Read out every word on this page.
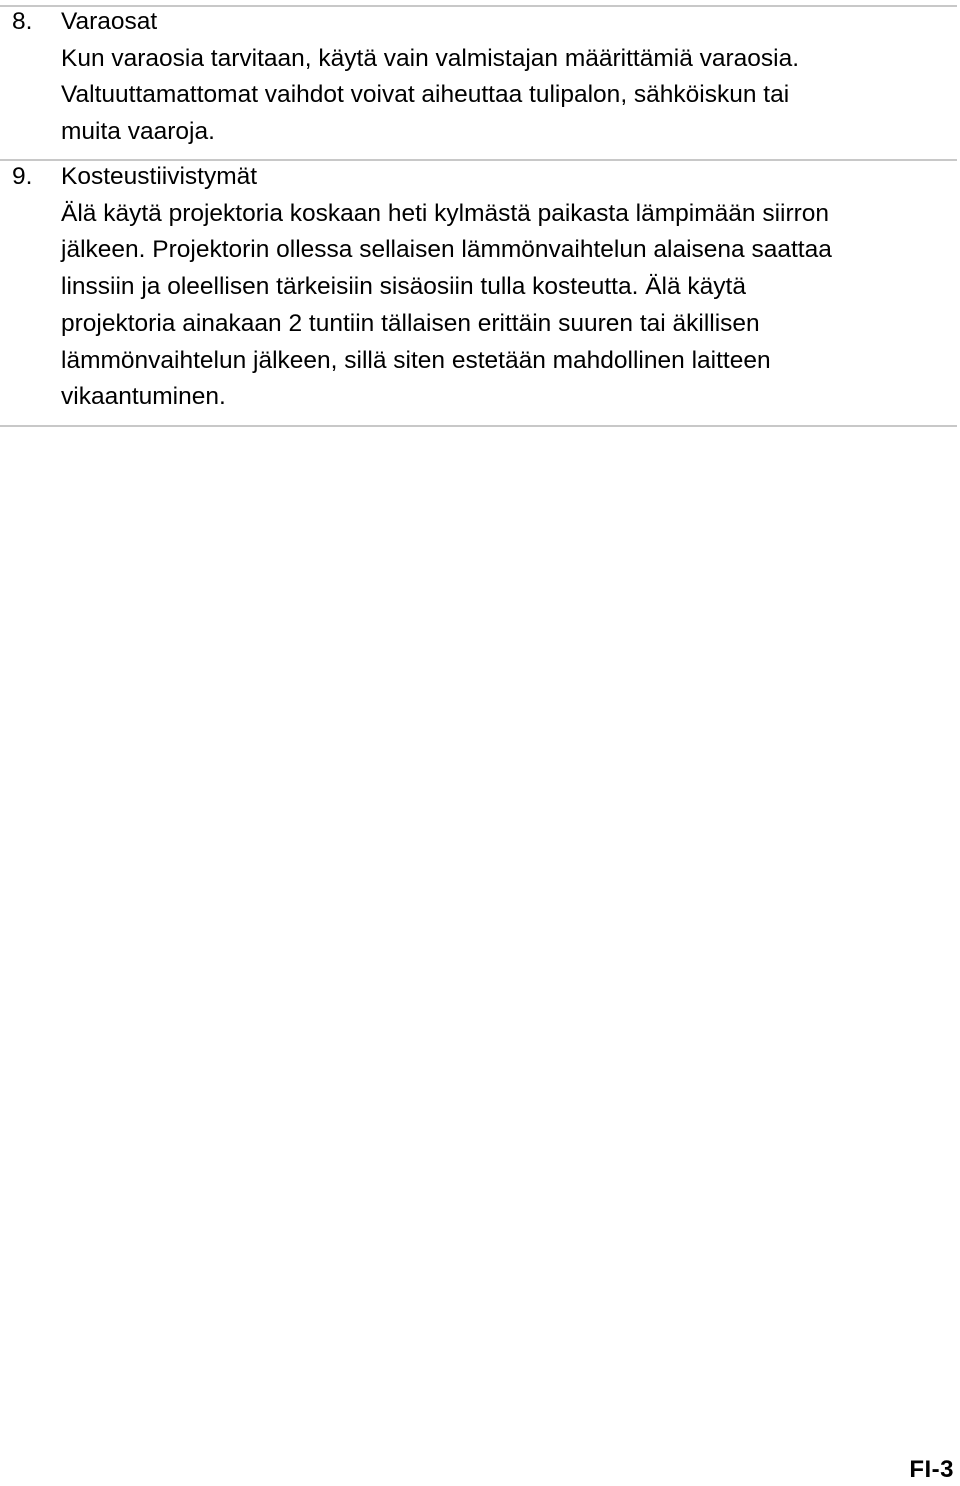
8. Varaosat
Kun varaosia tarvitaan, käytä vain valmistajan määrittämiä varaosia.
Valtuuttamattomat vaihdot voivat aiheuttaa tulipalon, sähköiskun tai
muita vaaroja.
9. Kosteustiivistymät
Älä käytä projektoria koskaan heti kylmästä paikasta lämpimään siirron
jälkeen. Projektorin ollessa sellaisen lämmönvaihtelun alaisena saattaa
linssiin ja oleellisen tärkeisiin sisäosiin tulla kosteutta. Älä käytä
projektoria ainakaan 2 tuntiin tällaisen erittäin suuren tai äkillisen
lämmönvaihtelun jälkeen, sillä siten estetään mahdollinen laitteen
vikaantuminen.
FI-3
